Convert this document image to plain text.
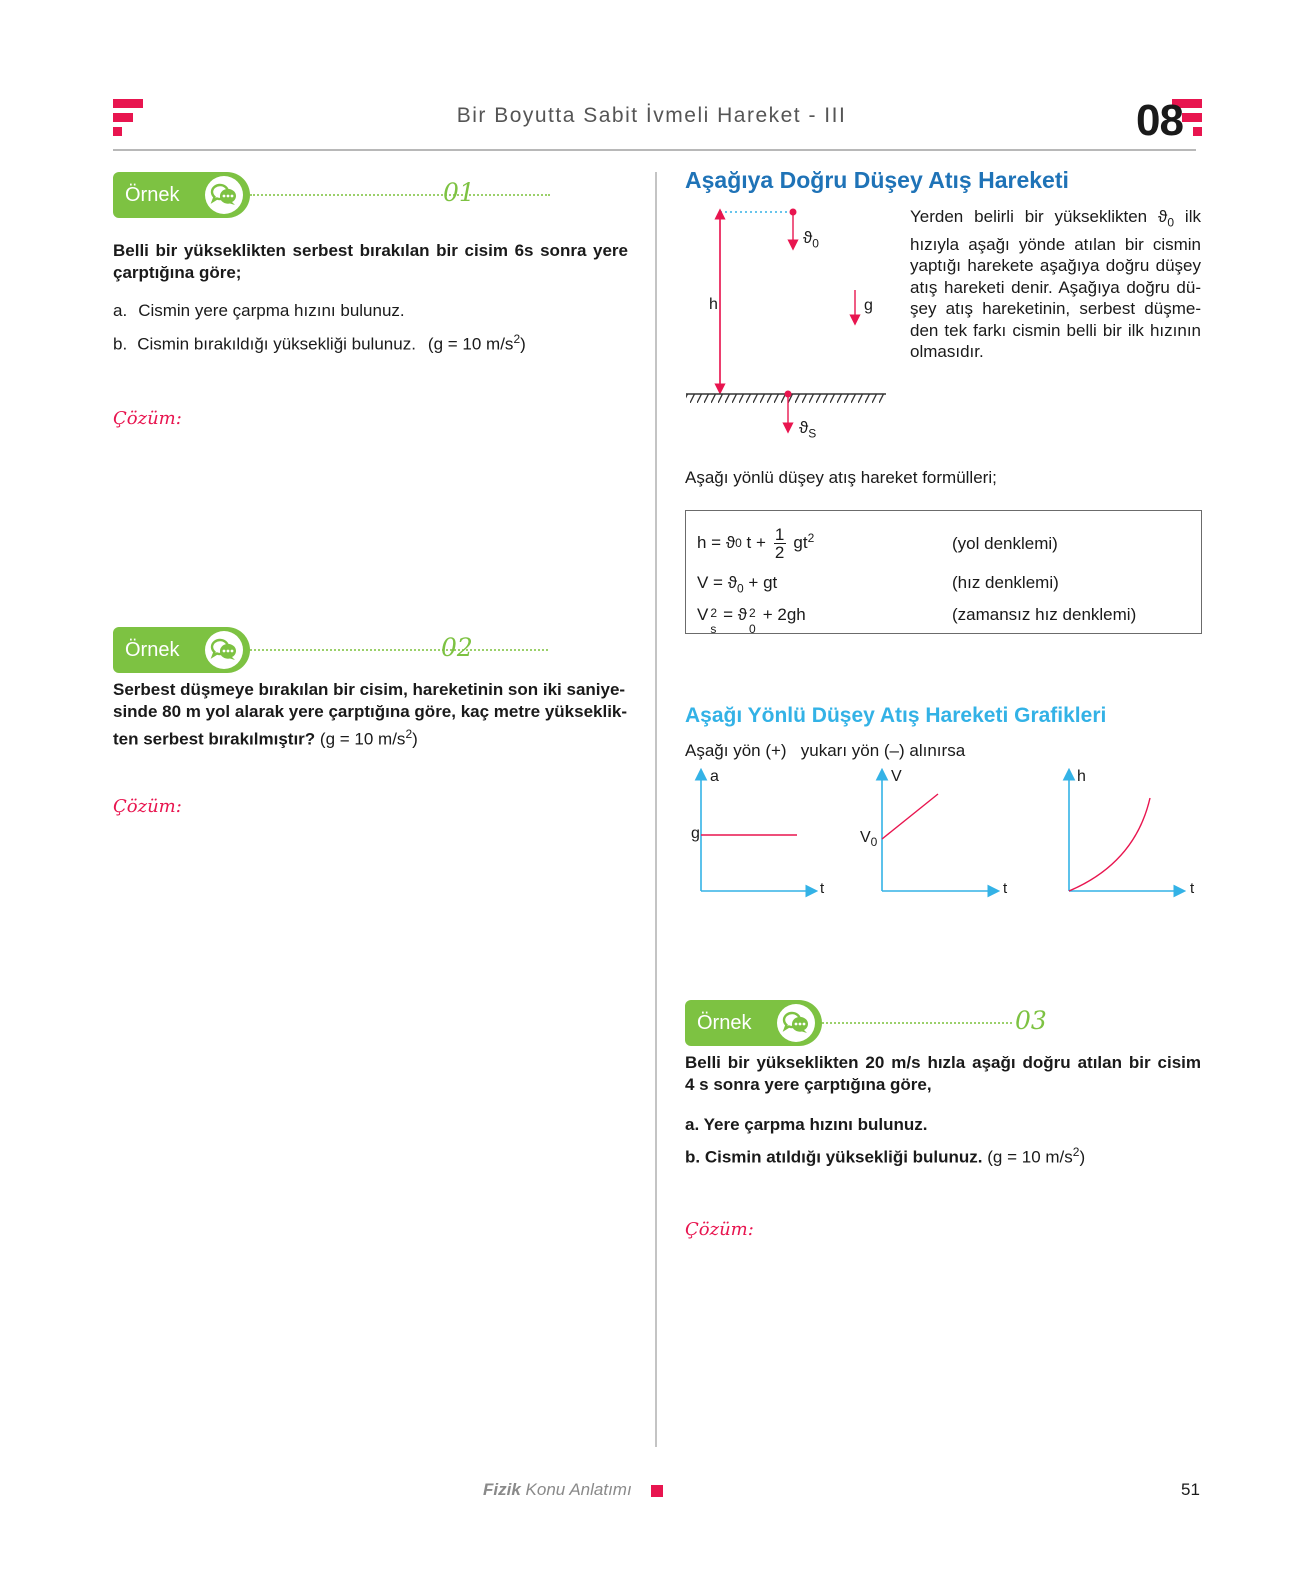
Bir Boyutta Sabit İvmeli Hareket - III	08
Örnek	01
Belli bir yükseklikten serbest bırakılan bir cisim 6s sonra yere çarptığına göre;
a. Cismin yere çarpma hızını bulunuz.
b. Cismin bırakıldığı yüksekliği bulunuz. (g = 10 $m/s^2$)
Çözüm:
Örnek	02
Serbest düşmeye bırakılan bir cisim, hareketinin son iki saniye-
sinde 80 m yol alarak yere çarptığına göre, kaç metre yükseklik-
ten serbest bırakılmıştır? (g = 10 $m/s^2$)
Çözüm:
Aşağıya Doğru Düşey Atış Hareketi
$ϑ_0$
h	g
$ϑ_S$
Yerden belirli bir yükseklikten $ϑ_0$ ilk hızıyla aşağı yönde atılan bir cismin yaptığı harekete aşağıya doğru düşey atış hareketi denir. Aşağıya doğru dü-şey atış hareketinin, serbest düşme-den tek farkı cismin belli bir ilk hızının olmasıdır.
Aşağı yönlü düşey atış hareket formülleri;
h = ϑ 0 t + 1
2 $gt^2$	(yol denklemi)
$V = ϑ_0$ + gt	(hız denklemi)
V 2
s
= ϑ 2
0
+ 2gh	(zamansız hız denklemi)
Aşağı Yönlü Düşey Atış Hareketi Grafikleri
Aşağı yön (+)   yukarı yön (–) alınırsa
a
g
t
V
$V_0$
t
h
t
Örnek	03
Belli bir yükseklikten 20 m/s hızla aşağı doğru atılan bir cisim
4 s sonra yere çarptığına göre,
a. Yere çarpma hızını bulunuz.
b. Cismin atıldığı yüksekliği bulunuz. (g = 10 $m/s^2$)
Çözüm:
Fizik Konu Anlatımı	51
